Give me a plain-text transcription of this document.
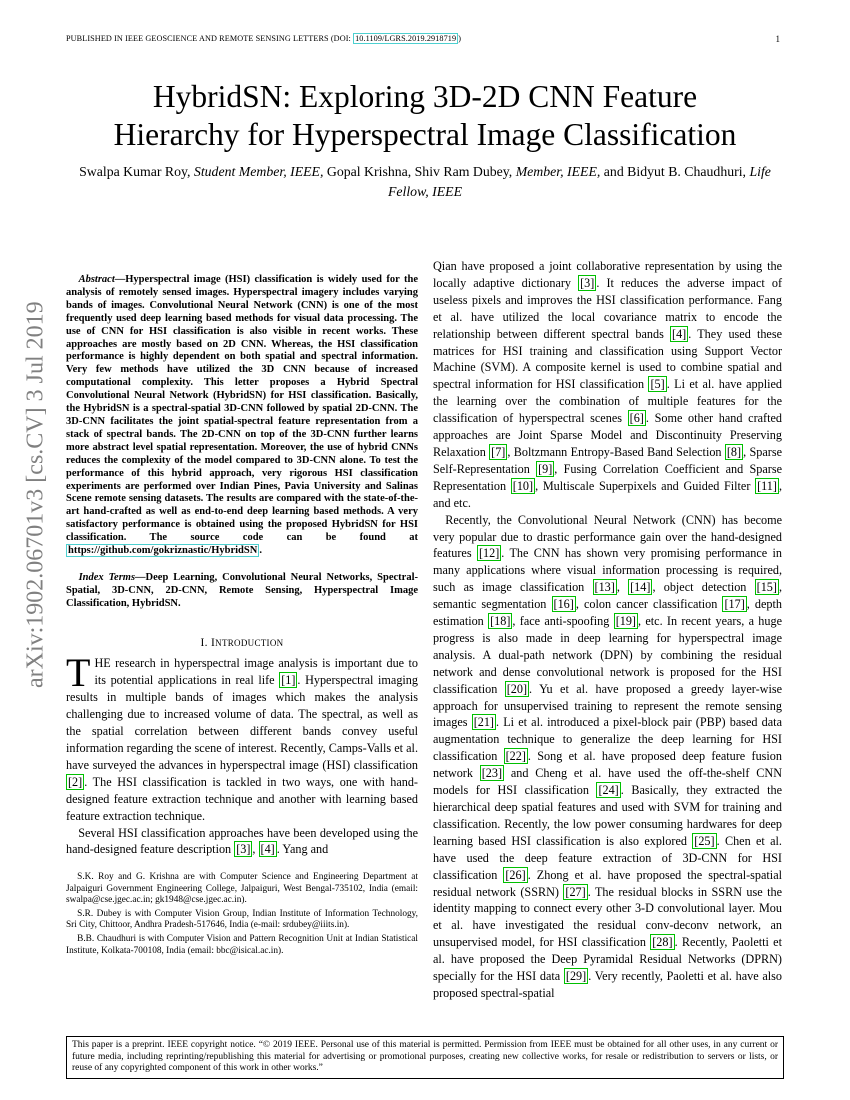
PUBLISHED IN IEEE GEOSCIENCE AND REMOTE SENSING LETTERS (DOI: 10.1109/LGRS.2019.2918719 )	1
HybridSN: Exploring 3D-2D CNN Feature
Hierarchy for Hyperspectral Image Classification
Swalpa Kumar Roy, Student Member, IEEE, Gopal Krishna, Shiv Ram Dubey, Member, IEEE, and Bidyut B. Chaudhuri, Life Fellow, IEEE
arXiv:1902.06701v3 [cs.CV] 3 Jul 2019

Abstract—Hyperspectral image (HSI) classification is widely used for the analysis of remotely sensed images. Hyperspectral imagery includes varying bands of images. Convolutional Neural Network (CNN) is one of the most frequently used deep learning based methods for visual data processing. The use of CNN for HSI classification is also visible in recent works. These approaches are mostly based on 2D CNN. Whereas, the HSI classification performance is highly dependent on both spatial and spectral information. Very few methods have utilized the 3D CNN because of increased computational complexity. This letter proposes a Hybrid Spectral Convolutional Neural Network (HybridSN) for HSI classification. Basically, the HybridSN is a spectral-spatial 3D-CNN followed by spatial 2D-CNN. The 3D-CNN facilitates the joint spatial-spectral feature representation from a stack of spectral bands. The 2D-CNN on top of the 3D-CNN further learns more abstract level spatial representation. Moreover, the use of hybrid CNNs reduces the complexity of the model compared to 3D-CNN alone. To test the performance of this hybrid approach, very rigorous HSI classification experiments are performed over Indian Pines, Pavia University and Salinas Scene remote sensing datasets. The results are compared with the state-of-the-art hand-crafted as well as end-to-end deep learning based methods. A very satisfactory performance is obtained using the proposed HybridSN for HSI classification. The source code can be found at https://github.com/gokriznastic/HybridSN .

Index Terms—Deep Learning, Convolutional Neural Networks, Spectral-Spatial, 3D-CNN, 2D-CNN, Remote Sensing, Hyperspectral Image Classification, HybridSN.

I. INTRODUCTION

THE research in hyperspectral image analysis is important due to its potential applications in real life [1] . Hyperspectral imaging results in multiple bands of images which makes the analysis challenging due to increased volume of data. The spectral, as well as the spatial correlation between different bands convey useful information regarding the scene of interest. Recently, Camps-Valls et al. have surveyed the advances in hyperspectral image (HSI) classification [2] . The HSI classification is tackled in two ways, one with hand-designed feature extraction technique and another with learning based feature extraction technique.

Several HSI classification approaches have been developed using the hand-designed feature description [3] , [4] . Yang and

S.K. Roy and G. Krishna are with Computer Science and Engineering Department at Jalpaiguri Government Engineering College, Jalpaiguri, West Bengal-735102, India (email: swalpa@cse.jgec.ac.in; gk1948@cse.jgec.ac.in).

S.R. Dubey is with Computer Vision Group, Indian Institute of Information Technology, Sri City, Chittoor, Andhra Pradesh-517646, India (e-mail: srdubey@iiits.in).

B.B. Chaudhuri is with Computer Vision and Pattern Recognition Unit at Indian Statistical Institute, Kolkata-700108, India (email: bbc@isical.ac.in).

Qian have proposed a joint collaborative representation by using the locally adaptive dictionary [3] . It reduces the adverse impact of useless pixels and improves the HSI classification performance. Fang et al. have utilized the local covariance matrix to encode the relationship between different spectral bands [4] . They used these matrices for HSI training and classification using Support Vector Machine (SVM). A composite kernel is used to combine spatial and spectral information for HSI classification [5] . Li et al. have applied the learning over the combination of multiple features for the classification of hyperspectral scenes [6] . Some other hand crafted approaches are Joint Sparse Model and Discontinuity Preserving Relaxation [7] , Boltzmann Entropy-Based Band Selection [8] , Sparse Self-Representation [9] , Fusing Correlation Coefficient and Sparse Representation [10] , Multiscale Superpixels and Guided Filter [11] , and etc.

Recently, the Convolutional Neural Network (CNN) has become very popular due to drastic performance gain over the hand-designed features [12] . The CNN has shown very promising performance in many applications where visual information processing is required, such as image classification [13] , [14] , object detection [15] , semantic segmentation [16] , colon cancer classification [17] , depth estimation [18] , face anti-spoofing [19] , etc. In recent years, a huge progress is also made in deep learning for hyperspectral image analysis. A dual-path network (DPN) by combining the residual network and dense convolutional network is proposed for the HSI classification [20] . Yu et al. have proposed a greedy layer-wise approach for unsupervised training to represent the remote sensing images [21] . Li et al. introduced a pixel-block pair (PBP) based data augmentation technique to generalize the deep learning for HSI classification [22] . Song et al. have proposed deep feature fusion network [23] and Cheng et al. have used the off-the-shelf CNN models for HSI classification [24] . Basically, they extracted the hierarchical deep spatial features and used with SVM for training and classification. Recently, the low power consuming hardwares for deep learning based HSI classification is also explored [25] . Chen et al. have used the deep feature extraction of 3D-CNN for HSI classification [26] . Zhong et al. have proposed the spectral-spatial residual network (SSRN) [27] . The residual blocks in SSRN use the identity mapping to connect every other 3-D convolutional layer. Mou et al. have investigated the residual conv-deconv network, an unsupervised model, for HSI classification [28] . Recently, Paoletti et al. have proposed the Deep Pyramidal Residual Networks (DPRN) specially for the HSI data [29] . Very recently, Paoletti et al. have also proposed spectral-spatial

This paper is a preprint. IEEE copyright notice. “© 2019 IEEE. Personal use of this material is permitted. Permission from IEEE must be obtained for all other uses, in any current or future media, including reprinting/republishing this material for advertising or promotional purposes, creating new collective works, for resale or redistribution to servers or lists, or reuse of any copyrighted component of this work in other works.”
